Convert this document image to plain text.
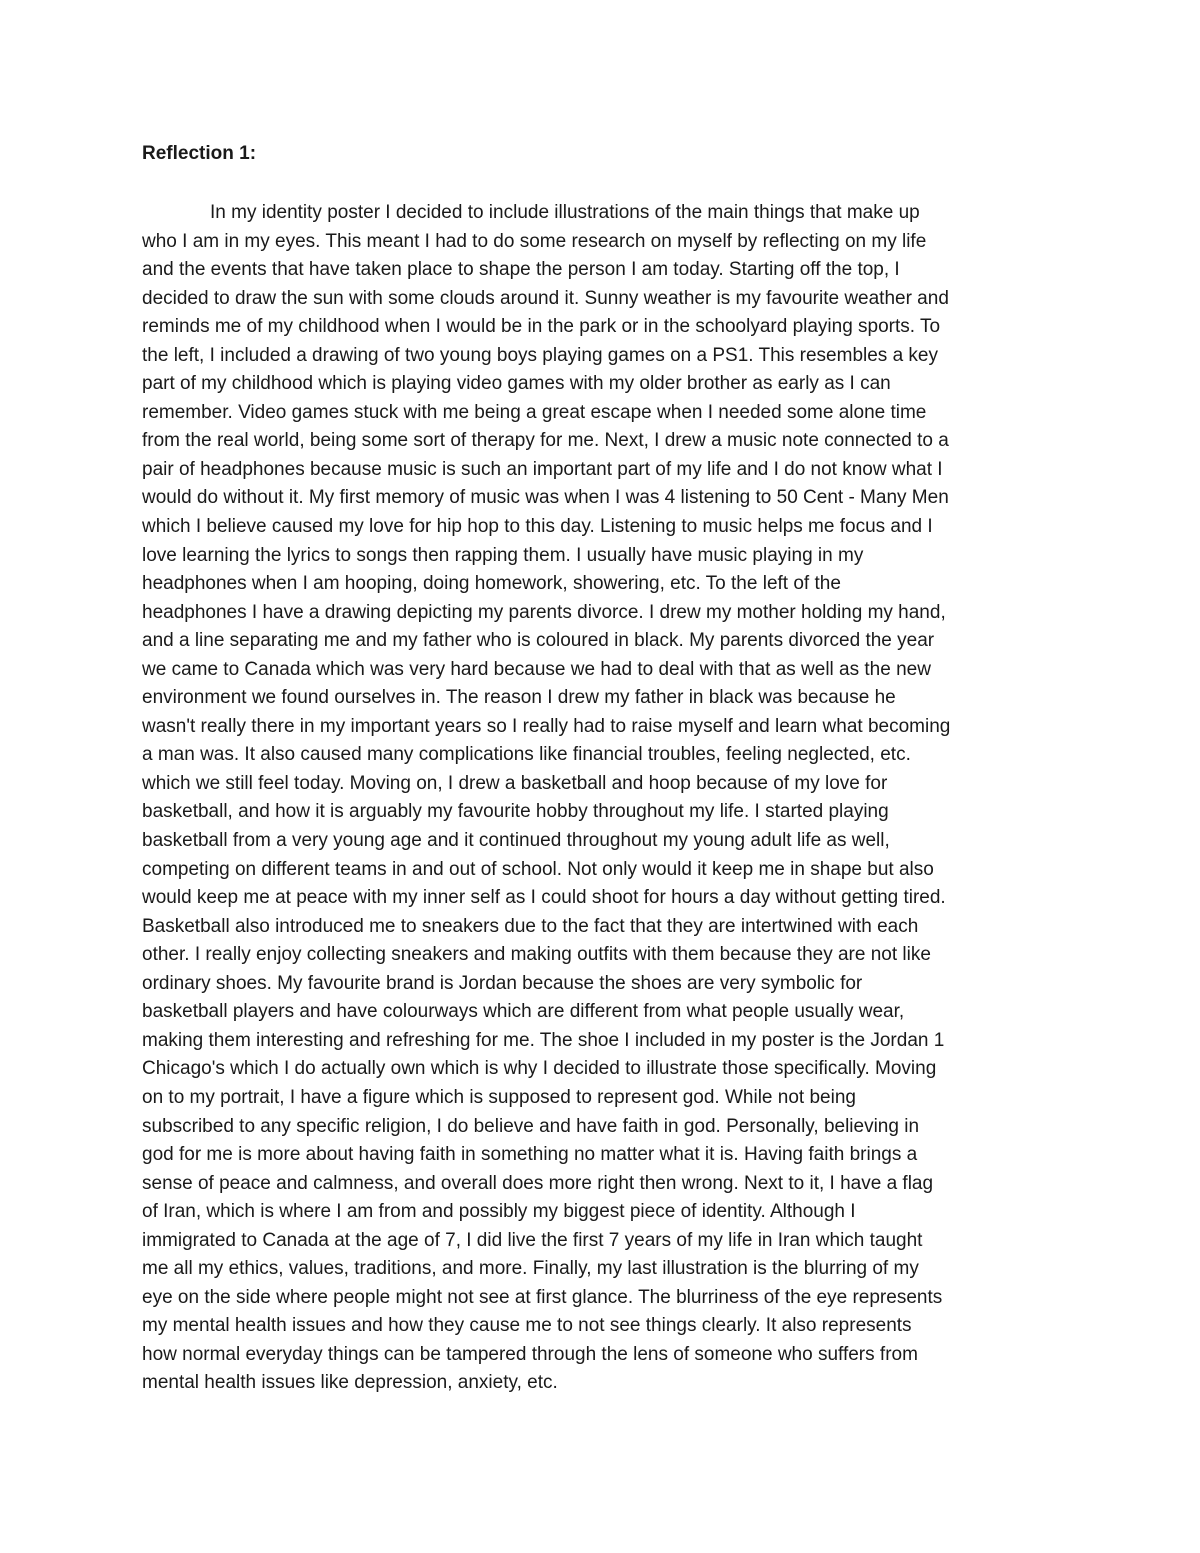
Reflection 1:
In my identity poster I decided to include illustrations of the main things that make up
who I am in my eyes. This meant I had to do some research on myself by reflecting on my life
and the events that have taken place to shape the person I am today. Starting off the top, I
decided to draw the sun with some clouds around it. Sunny weather is my favourite weather and
reminds me of my childhood when I would be in the park or in the schoolyard playing sports. To
the left, I included a drawing of two young boys playing games on a PS1. This resembles a key
part of my childhood which is playing video games with my older brother as early as I can
remember. Video games stuck with me being a great escape when I needed some alone time
from the real world, being some sort of therapy for me. Next, I drew a music note connected to a
pair of headphones because music is such an important part of my life and I do not know what I
would do without it. My first memory of music was when I was 4 listening to 50 Cent - Many Men
which I believe caused my love for hip hop to this day. Listening to music helps me focus and I
love learning the lyrics to songs then rapping them. I usually have music playing in my
headphones when I am hooping, doing homework, showering, etc. To the left of the
headphones I have a drawing depicting my parents divorce. I drew my mother holding my hand,
and a line separating me and my father who is coloured in black. My parents divorced the year
we came to Canada which was very hard because we had to deal with that as well as the new
environment we found ourselves in. The reason I drew my father in black was because he
wasn't really there in my important years so I really had to raise myself and learn what becoming
a man was. It also caused many complications like financial troubles, feeling neglected, etc.
which we still feel today. Moving on, I drew a basketball and hoop because of my love for
basketball, and how it is arguably my favourite hobby throughout my life. I started playing
basketball from a very young age and it continued throughout my young adult life as well,
competing on different teams in and out of school. Not only would it keep me in shape but also
would keep me at peace with my inner self as I could shoot for hours a day without getting tired.
Basketball also introduced me to sneakers due to the fact that they are intertwined with each
other. I really enjoy collecting sneakers and making outfits with them because they are not like
ordinary shoes. My favourite brand is Jordan because the shoes are very symbolic for
basketball players and have colourways which are different from what people usually wear,
making them interesting and refreshing for me. The shoe I included in my poster is the Jordan 1
Chicago's which I do actually own which is why I decided to illustrate those specifically. Moving
on to my portrait, I have a figure which is supposed to represent god. While not being
subscribed to any specific religion, I do believe and have faith in god. Personally, believing in
god for me is more about having faith in something no matter what it is. Having faith brings a
sense of peace and calmness, and overall does more right then wrong. Next to it, I have a flag
of Iran, which is where I am from and possibly my biggest piece of identity. Although I
immigrated to Canada at the age of 7, I did live the first 7 years of my life in Iran which taught
me all my ethics, values, traditions, and more. Finally, my last illustration is the blurring of my
eye on the side where people might not see at first glance. The blurriness of the eye represents
my mental health issues and how they cause me to not see things clearly. It also represents
how normal everyday things can be tampered through the lens of someone who suffers from
mental health issues like depression, anxiety, etc.
